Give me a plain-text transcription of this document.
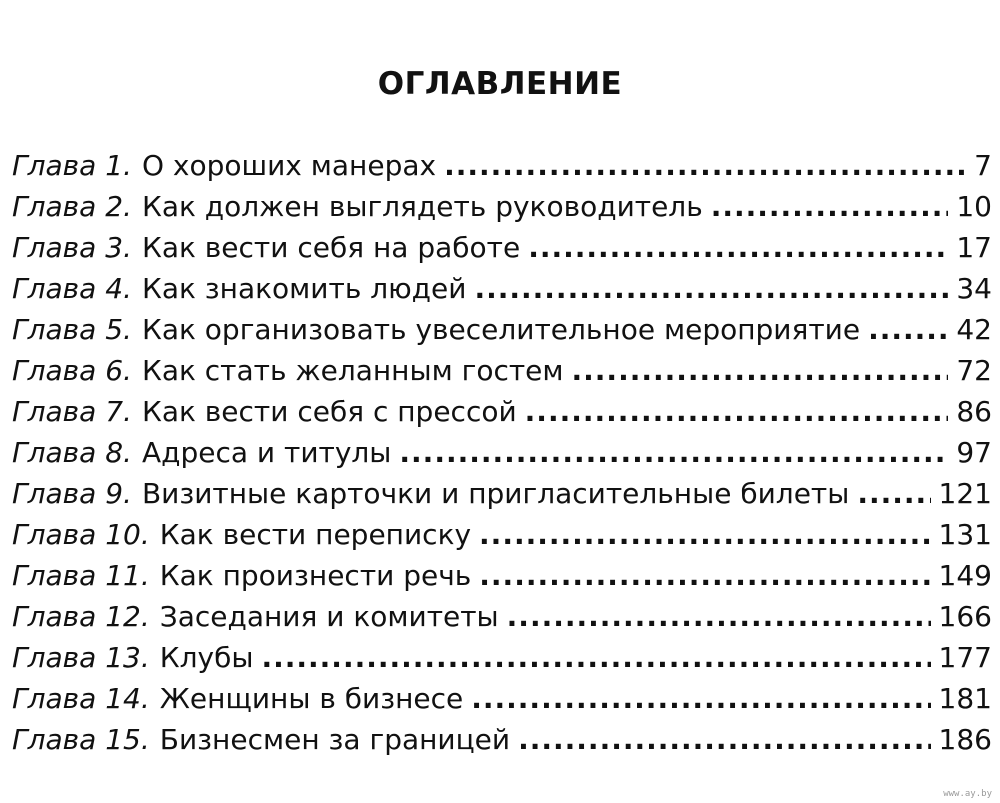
ОГЛАВЛЕНИЕ
Глава 1. О хороших манерах .....	7
Глава 2. Как должен выглядеть руководитель .....	10
Глава 3. Как вести себя на работе .....	17
Глава 4. Как знакомить людей .....	34
Глава 5. Как организовать увеселительное мероприятие .....	42
Глава 6. Как стать желанным гостем .....	72
Глава 7. Как вести себя с прессой .....	86
Глава 8. Адреса и титулы .....	97
Глава 9. Визитные карточки и пригласительные билеты .....	121
Глава 10. Как вести переписку .....	131
Глава 11. Как произнести речь .....	149
Глава 12. Заседания и комитеты .....	166
Глава 13. Клубы .....	177
Глава 14. Женщины в бизнесе .....	181
Глава 15. Бизнесмен за границей .....	186
www.ay.by
